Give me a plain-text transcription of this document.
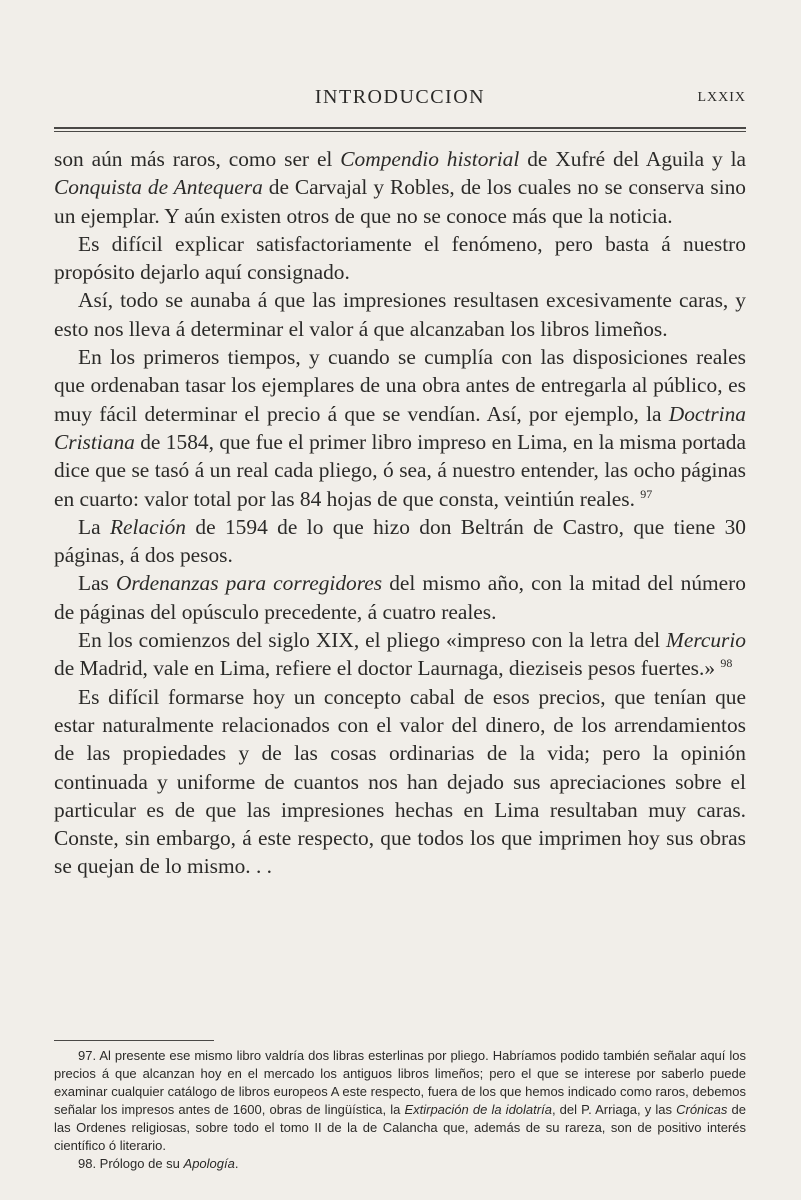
INTRODUCCION	LXXIX

son aún más raros, como ser el Compendio historial de Xufré del Aguila y la Conquista de Antequera de Carvajal y Robles, de los cuales no se conserva sino un ejemplar. Y aún existen otros de que no se conoce más que la noticia.

Es difícil explicar satisfactoriamente el fenómeno, pero basta á nuestro propósito dejarlo aquí consignado.

Así, todo se aunaba á que las impresiones resultasen excesivamente caras, y esto nos lleva á determinar el valor á que alcanzaban los libros limeños.

En los primeros tiempos, y cuando se cumplía con las disposiciones reales que ordenaban tasar los ejemplares de una obra antes de entregarla al público, es muy fácil determinar el precio á que se vendían. Así, por ejemplo, la Doctrina Cristiana de 1584, que fue el primer libro impreso en Lima, en la misma portada dice que se tasó á un real cada pliego, ó sea, á nuestro entender, las ocho páginas en cuarto: valor total por las 84 hojas de que consta, veintiún reales. $^{97}$

La Relación de 1594 de lo que hizo don Beltrán de Castro, que tiene 30 páginas, á dos pesos.

Las Ordenanzas para corregidores del mismo año, con la mitad del número de páginas del opúsculo precedente, á cuatro reales.

En los comienzos del siglo XIX, el pliego «impreso con la letra del Mercurio de Madrid, vale en Lima, refiere el doctor Laurnaga, dieziseis pesos fuertes.» $^{98}$

Es difícil formarse hoy un concepto cabal de esos precios, que tenían que estar naturalmente relacionados con el valor del dinero, de los arrendamientos de las propiedades y de las cosas ordinarias de la vida; pero la opinión continuada y uniforme de cuantos nos han dejado sus apreciaciones sobre el particular es de que las impresiones hechas en Lima resultaban muy caras. Conste, sin embargo, á este respecto, que todos los que imprimen hoy sus obras se quejan de lo mismo. . .

97. Al presente ese mismo libro valdría dos libras esterlinas por pliego. Habríamos podido también señalar aquí los precios á que alcanzan hoy en el mercado los antiguos libros limeños; pero el que se interese por saberlo puede examinar cualquier catálogo de libros europeos A este respecto, fuera de los que hemos indicado como raros, debemos señalar los impresos antes de 1600, obras de lingüística, la Extirpación de la idolatría, del P. Arriaga, y las Crónicas de las Ordenes religiosas, sobre todo el tomo II de la de Calancha que, además de su rareza, son de positivo interés científico ó literario.

98. Prólogo de su Apología.
